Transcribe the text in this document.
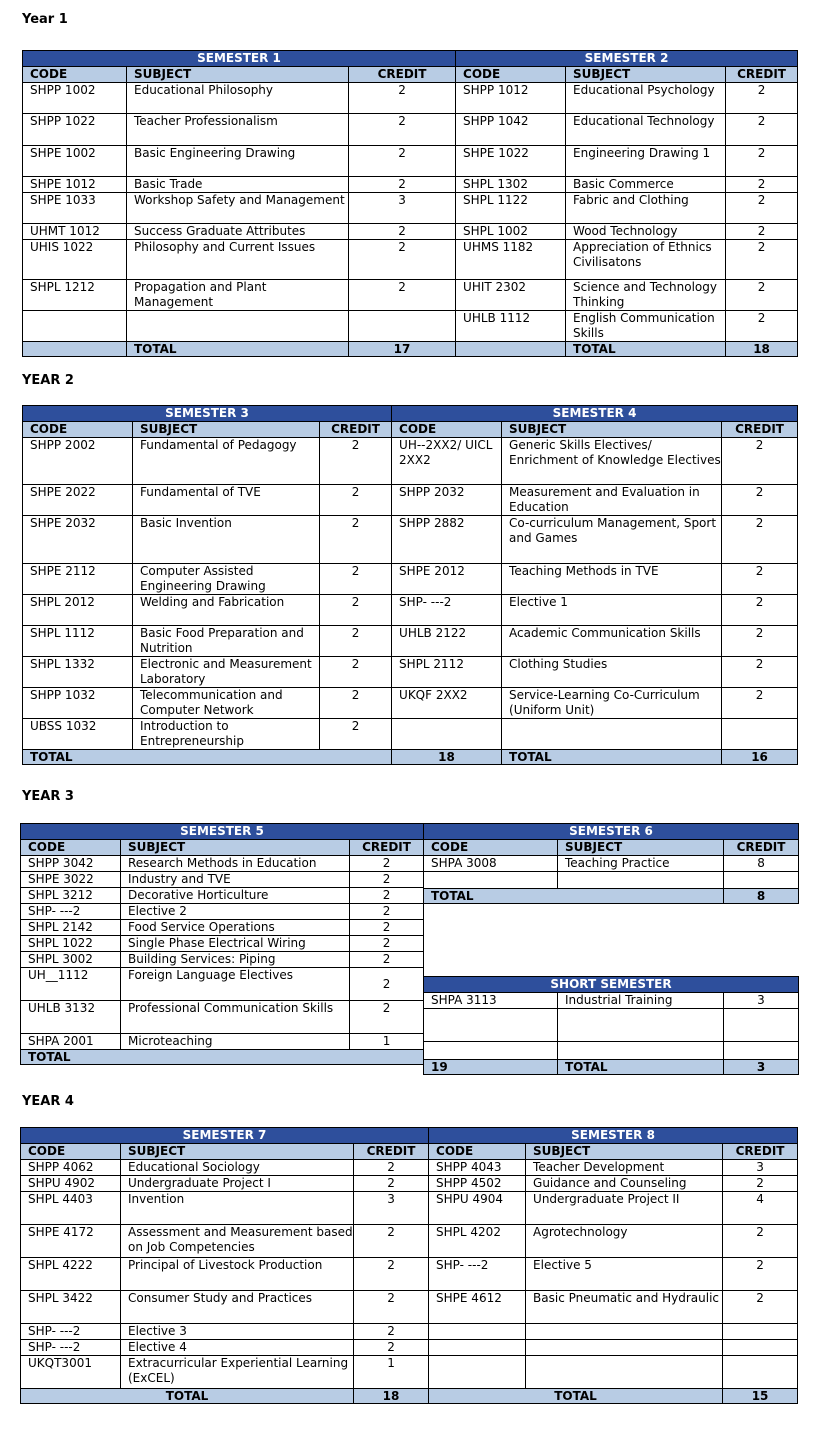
Year 1
SEMESTER 1			SEMESTER 2		
CODE	SUBJECT	CREDIT	CODE	SUBJECT	CREDIT
SHPP 1002	Educational Philosophy	2	SHPP 1012	Educational Psychology	2
SHPP 1022	Teacher Professionalism	2	SHPP 1042	Educational Technology	2
SHPE 1002	Basic Engineering Drawing	2	SHPE 1022	Engineering Drawing 1	2
SHPE 1012	Basic Trade	2	SHPL 1302	Basic Commerce	2
SHPE 1033	Workshop Safety and Management	3	SHPL 1122	Fabric and Clothing	2
UHMT 1012	Success Graduate Attributes	2	SHPL 1002	Wood Technology	2
UHIS 1022	Philosophy and Current Issues	2	UHMS 1182	Appreciation of Ethnics Civilisatons	2
SHPL 1212	Propagation and Plant Management	2	UHIT 2302	Science and Technology Thinking	2
			UHLB 1112	English Communication Skills	2
	TOTAL	17		TOTAL	18
YEAR 2
SEMESTER 3			SEMESTER 4		
CODE	SUBJECT	CREDIT	CODE	SUBJECT	CREDIT
SHPP 2002	Fundamental of Pedagogy	2	UH--2XX2/ UICL 2XX2	Generic Skills Electives/ Enrichment of Knowledge Electives	2
SHPE 2022	Fundamental of TVE	2	SHPP 2032	Measurement and Evaluation in Education	2
SHPE 2032	Basic Invention	2	SHPP 2882	Co-curriculum Management, Sport and Games	2
SHPE 2112	Computer Assisted Engineering Drawing	2	SHPE 2012	Teaching Methods in TVE	2
SHPL 2012	Welding and Fabrication	2	SHP- ---2	Elective 1	2
SHPL 1112	Basic Food Preparation and Nutrition	2	UHLB 2122	Academic Communication Skills	2
SHPL 1332	Electronic and Measurement Laboratory	2	SHPL 2112	Clothing Studies	2
SHPP 1032	Telecommunication and Computer Network	2	UKQF 2XX2	Service-Learning Co-Curriculum (Uniform Unit)	2
UBSS 1032	Introduction to Entrepreneurship	2			
TOTAL			18	TOTAL	16
YEAR 3
SEMESTER 5		
CODE	SUBJECT	CREDIT
SHPP 3042	Research Methods in Education	2
SHPE 3022	Industry and TVE	2
SHPL 3212	Decorative Horticulture	2
SHP- ---2	Elective 2	2
SHPL 2142	Food Service Operations	2
SHPL 1022	Single Phase Electrical Wiring	2
SHPL 3002	Building Services: Piping	2
UH__1112	Foreign Language Electives	2
UHLB 3132	Professional Communication Skills	2
SHPA 2001	Microteaching	1
TOTAL		
SEMESTER 6		
CODE	SUBJECT	CREDIT
SHPA 3008	Teaching Practice	8

TOTAL		8
SHORT SEMESTER		
SHPA 3113	Industrial Training	3

19	TOTAL	3
YEAR 4
SEMESTER 7			SEMESTER 8		
CODE	SUBJECT	CREDIT	CODE	SUBJECT	CREDIT
SHPP 4062	Educational Sociology	2	SHPP 4043	Teacher Development	3
SHPU 4902	Undergraduate Project I	2	SHPP 4502	Guidance and Counseling	2
SHPL 4403	Invention	3	SHPU 4904	Undergraduate Project II	4
SHPE 4172	Assessment and Measurement based on Job Competencies	2	SHPL 4202	Agrotechnology	2
SHPL 4222	Principal of Livestock Production	2	SHP- ---2	Elective 5	2
SHPL 3422	Consumer Study and Practices	2	SHPE 4612	Basic Pneumatic and Hydraulic	2
SHP- ---2	Elective 3	2			
SHP- ---2	Elective 4	2			
UKQT3001	Extracurricular Experiential Learning (ExCEL)	1			
TOTAL		18	TOTAL		15
